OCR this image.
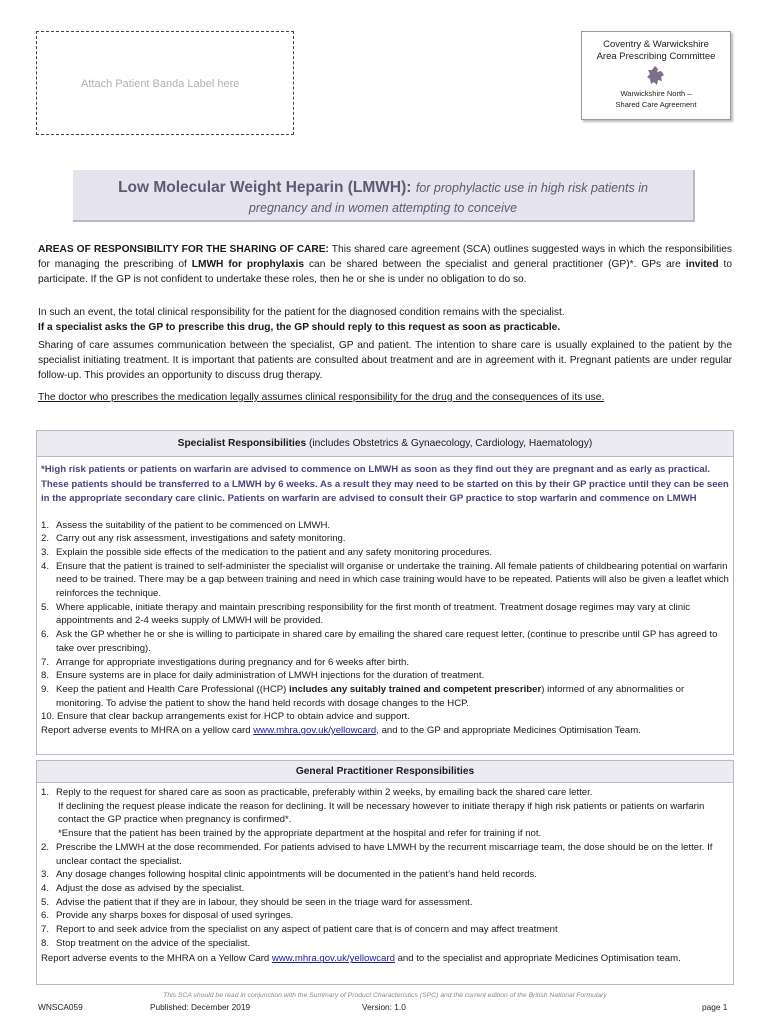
Attach Patient Banda Label here
Coventry & Warwickshire
Area Prescribing Committee
Warwickshire North –
Shared Care Agreement
Low Molecular Weight Heparin (LMWH): for prophylactic use in high risk patients in
pregnancy and in women attempting to conceive

AREAS OF RESPONSIBILITY FOR THE SHARING OF CARE: This shared care agreement (SCA) outlines suggested ways in which the responsibilities for managing the prescribing of LMWH for prophylaxis can be shared between the specialist and general practitioner (GP)*. GPs are invited to participate. If the GP is not confident to undertake these roles, then he or she is under no obligation to do so.

In such an event, the total clinical responsibility for the patient for the diagnosed condition remains with the specialist.

If a specialist asks the GP to prescribe this drug, the GP should reply to this request as soon as practicable.

Sharing of care assumes communication between the specialist, GP and patient. The intention to share care is usually explained to the patient by the specialist initiating treatment. It is important that patients are consulted about treatment and are in agreement with it. Pregnant patients are under regular follow-up. This provides an opportunity to discuss drug therapy.

The doctor who prescribes the medication legally assumes clinical responsibility for the drug and the consequences of its use.

Specialist Responsibilities (includes Obstetrics & Gynaecology, Cardiology, Haematology)
*High risk patients or patients on warfarin are advised to commence on LMWH as soon as they find out they are pregnant and as early as practical. These patients should be transferred to a LMWH by 6 weeks. As a result they may need to be started on this by their GP practice until they can be seen in the appropriate secondary care clinic. Patients on warfarin are advised to consult their GP practice to stop warfarin and commence on LMWH
1. Assess the suitability of the patient to be commenced on LMWH.
2. Carry out any risk assessment, investigations and safety monitoring.
3. Explain the possible side effects of the medication to the patient and any safety monitoring procedures.
4. Ensure that the patient is trained to self-administer the specialist will organise or undertake the training. All female patients of childbearing potential on warfarin need to be trained. There may be a gap between training and need in which case training would have to be repeated. Patients will also be given a leaflet which reinforces the technique.
5. Where applicable, initiate therapy and maintain prescribing responsibility for the first month of treatment. Treatment dosage regimes may vary at clinic appointments and 2-4 weeks supply of LMWH will be provided.
6. Ask the GP whether he or she is willing to participate in shared care by emailing the shared care request letter, (continue to prescribe until GP has agreed to take over prescribing).
7. Arrange for appropriate investigations during pregnancy and for 6 weeks after birth.
8. Ensure systems are in place for daily administration of LMWH injections for the duration of treatment.
9. Keep the patient and Health Care Professional ((HCP) includes any suitably trained and competent prescriber) informed of any abnormalities or monitoring. To advise the patient to show the hand held records with dosage changes to the HCP.
10. Ensure that clear backup arrangements exist for HCP to obtain advice and support.
Report adverse events to MHRA on a yellow card www.mhra.gov.uk/yellowcard, and to the GP and appropriate Medicines Optimisation Team.
General Practitioner Responsibilities
1. Reply to the request for shared care as soon as practicable, preferably within 2 weeks, by emailing back the shared care letter.
If declining the request please indicate the reason for declining. It will be necessary however to initiate therapy if high risk patients or patients on warfarin contact the GP practice when pregnancy is confirmed*.
*Ensure that the patient has been trained by the appropriate department at the hospital and refer for training if not.
2. Prescribe the LMWH at the dose recommended. For patients advised to have LMWH by the recurrent miscarriage team, the dose should be on the letter. If unclear contact the specialist.
3. Any dosage changes following hospital clinic appointments will be documented in the patient’s hand held records.
4. Adjust the dose as advised by the specialist.
5. Advise the patient that if they are in labour, they should be seen in the triage ward for assessment.
6. Provide any sharps boxes for disposal of used syringes.
7. Report to and seek advice from the specialist on any aspect of patient care that is of concern and may affect treatment
8. Stop treatment on the advice of the specialist.
Report adverse events to the MHRA on a Yellow Card www.mhra.gov.uk/yellowcard and to the specialist and appropriate Medicines Optimisation team.
This SCA should be read in conjunction with the Summary of Product Characteristics (SPC) and the current edition of the British National Formulary
WNSCA059	Published: December 2019	Version: 1.0	page 1
